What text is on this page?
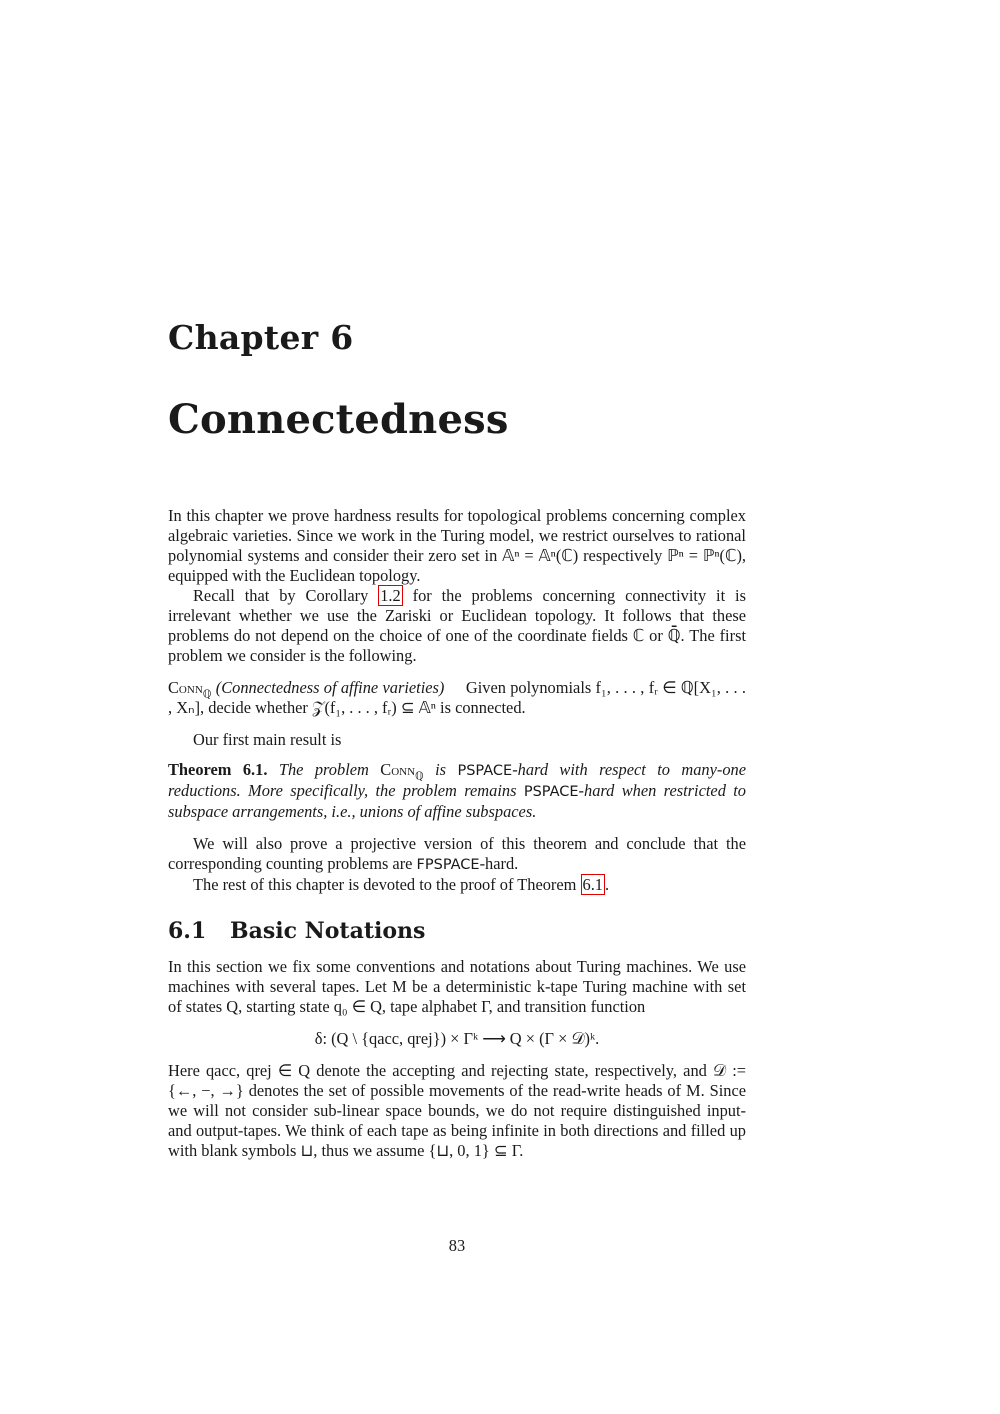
Chapter 6
Connectedness

In this chapter we prove hardness results for topological problems concerning complex algebraic varieties. Since we work in the Turing model, we restrict ourselves to rational polynomial systems and consider their zero set in 𝔸ⁿ = 𝔸ⁿ(ℂ) respectively ℙⁿ = ℙⁿ(ℂ), equipped with the Euclidean topology.

Recall that by Corollary 1.2 for the problems concerning connectivity it is irrelevant whether we use the Zariski or Euclidean topology. It follows that these problems do not depend on the choice of one of the coordinate fields ℂ or ℚ̄. The first problem we consider is the following.

Conn$_ℚ$ (Connectedness of affine varieties) Given polynomials f₁, . . . , fᵣ ∈ ℚ[X₁, . . . , Xₙ], decide whether 𝒵(f₁, . . . , fᵣ) ⊆ 𝔸ⁿ is connected.

Our first main result is

Theorem 6.1. The problem Conn$_ℚ$ is PSPACE-hard with respect to many-one reductions. More specifically, the problem remains PSPACE-hard when restricted to subspace arrangements, i.e., unions of affine subspaces.

We will also prove a projective version of this theorem and conclude that the corresponding counting problems are FPSPACE-hard.

The rest of this chapter is devoted to the proof of Theorem 6.1 .

6.1 Basic Notations

In this section we fix some conventions and notations about Turing machines. We use machines with several tapes. Let M be a deterministic k-tape Turing machine with set of states Q, starting state q₀ ∈ Q, tape alphabet Γ, and transition function

δ: (Q \ {qacc, qrej}) × Γᵏ ⟶ Q × (Γ × 𝒟)ᵏ.

Here qacc, qrej ∈ Q denote the accepting and rejecting state, respectively, and 𝒟 := {←, −, →} denotes the set of possible movements of the read-write heads of M. Since we will not consider sub-linear space bounds, we do not require distinguished input- and output-tapes. We think of each tape as being infinite in both directions and filled up with blank symbols ⊔, thus we assume {⊔, 0, 1} ⊆ Γ.

83
